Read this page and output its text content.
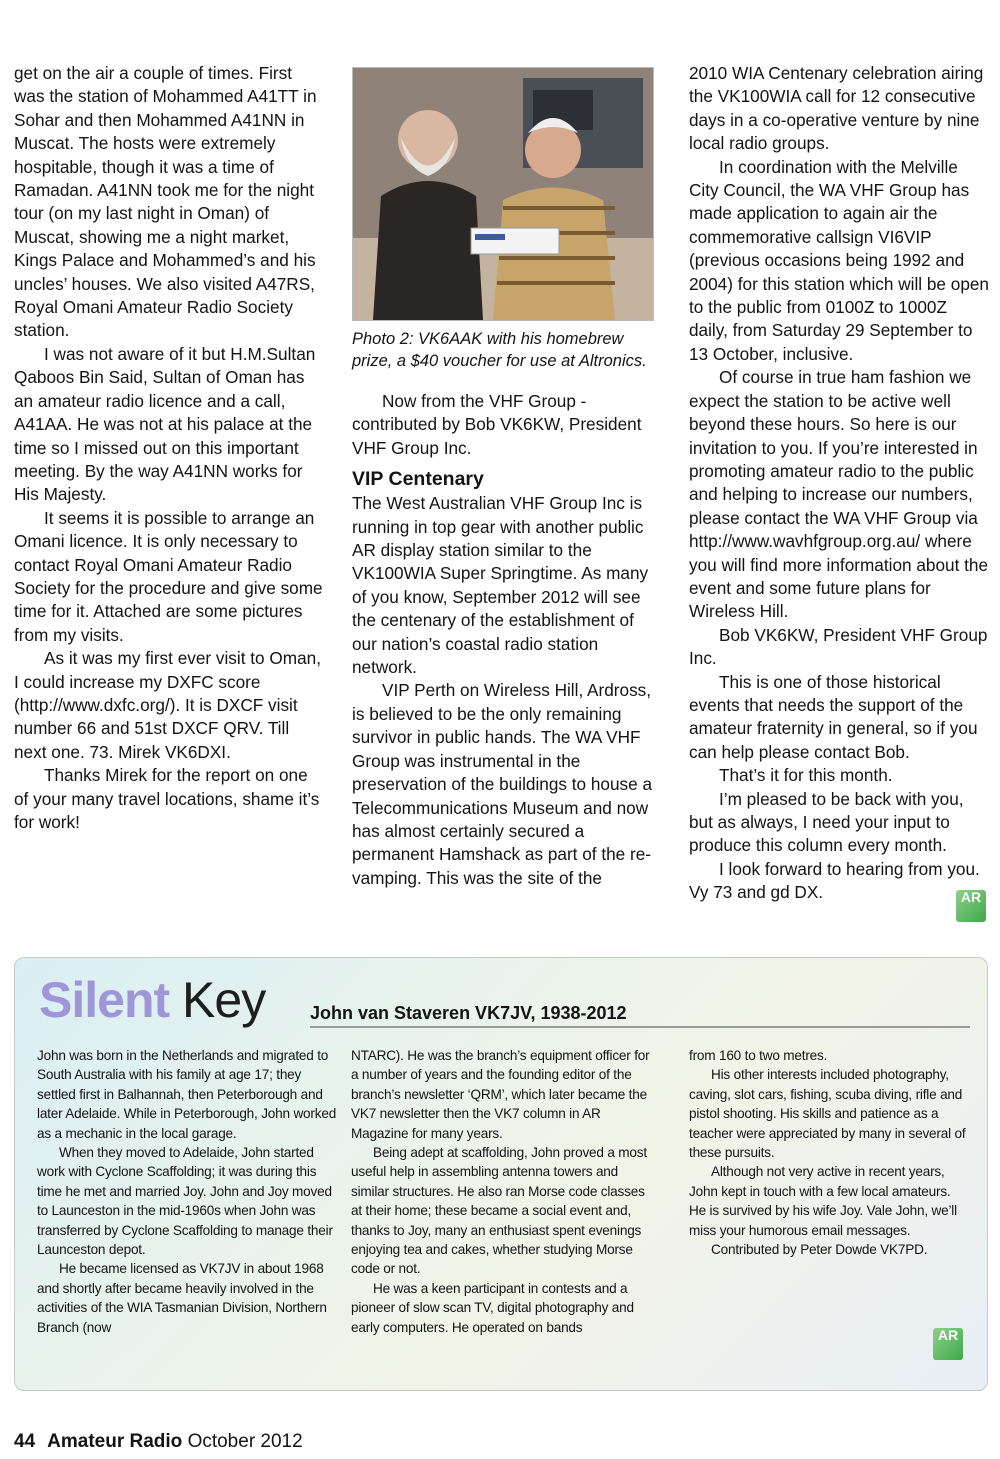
get on the air a couple of times. First was the station of Mohammed A41TT in Sohar and then Mohammed A41NN in Muscat. The hosts were extremely hospitable, though it was a time of Ramadan. A41NN took me for the night tour (on my last night in Oman) of Muscat, showing me a night market, Kings Palace and Mohammed’s and his uncles’ houses. We also visited A47RS, Royal Omani Amateur Radio Society station.

I was not aware of it but H.M.Sultan Qaboos Bin Said, Sultan of Oman has an amateur radio licence and a call, A41AA. He was not at his palace at the time so I missed out on this important meeting. By the way A41NN works for His Majesty.

It seems it is possible to arrange an Omani licence. It is only necessary to contact Royal Omani Amateur Radio Society for the procedure and give some time for it. Attached are some pictures from my visits.

As it was my first ever visit to Oman, I could increase my DXFC score (http://www.dxfc.org/). It is DXCF visit number 66 and 51st DXCF QRV. Till next one. 73. Mirek VK6DXI.

Thanks Mirek for the report on one of your many travel locations, shame it’s for work!

Photo 2: VK6AAK with his homebrew prize, a $40 voucher for use at Altronics.

Now from the VHF Group - contributed by Bob VK6KW, President VHF Group Inc.

VIP Centenary

The West Australian VHF Group Inc is running in top gear with another public AR display station similar to the VK100WIA Super Springtime. As many of you know, September 2012 will see the centenary of the establishment of our nation’s coastal radio station network.

VIP Perth on Wireless Hill, Ardross, is believed to be the only remaining survivor in public hands. The WA VHF Group was instrumental in the preservation of the buildings to house a Telecommunications Museum and now has almost certainly secured a permanent Hamshack as part of the re-vamping. This was the site of the

2010 WIA Centenary celebration airing the VK100WIA call for 12 consecutive days in a co-operative venture by nine local radio groups.

In coordination with the Melville City Council, the WA VHF Group has made application to again air the commemorative callsign VI6VIP (previous occasions being 1992 and 2004) for this station which will be open to the public from 0100Z to 1000Z daily, from Saturday 29 September to 13 October, inclusive.

Of course in true ham fashion we expect the station to be active well beyond these hours. So here is our invitation to you. If you’re interested in promoting amateur radio to the public and helping to increase our numbers, please contact the WA VHF Group via http://www.wavhfgroup.org.au/ where you will find more information about the event and some future plans for Wireless Hill.

Bob VK6KW, President VHF Group Inc.

This is one of those historical events that needs the support of the amateur fraternity in general, so if you can help please contact Bob.

That’s it for this month.

I’m pleased to be back with you, but as always, I need your input to produce this column every month.

I look forward to hearing from you. Vy 73 and gd DX.	AR
Silent Key John van Staveren VK7JV, 1938-2012

John was born in the Netherlands and migrated to South Australia with his family at age 17; they settled first in Balhannah, then Peterborough and later Adelaide. While in Peterborough, John worked as a mechanic in the local garage.

When they moved to Adelaide, John started work with Cyclone Scaffolding; it was during this time he met and married Joy. John and Joy moved to Launceston in the mid-1960s when John was transferred by Cyclone Scaffolding to manage their Launceston depot.

He became licensed as VK7JV in about 1968 and shortly after became heavily involved in the activities of the WIA Tasmanian Division, Northern Branch (now

NTARC). He was the branch’s equipment officer for a number of years and the founding editor of the branch’s newsletter ‘QRM’, which later became the VK7 newsletter then the VK7 column in AR Magazine for many years.

Being adept at scaffolding, John proved a most useful help in assembling antenna towers and similar structures. He also ran Morse code classes at their home; these became a social event and, thanks to Joy, many an enthusiast spent evenings enjoying tea and cakes, whether studying Morse code or not.

He was a keen participant in contests and a pioneer of slow scan TV, digital photography and early computers. He operated on bands

from 160 to two metres.

His other interests included photography, caving, slot cars, fishing, scuba diving, rifle and pistol shooting. His skills and patience as a teacher were appreciated by many in several of these pursuits.

Although not very active in recent years, John kept in touch with a few local amateurs. He is survived by his wife Joy. Vale John, we’ll miss your humorous email messages.

Contributed by Peter Dowde VK7PD.

AR
44 Amateur Radio October 2012
